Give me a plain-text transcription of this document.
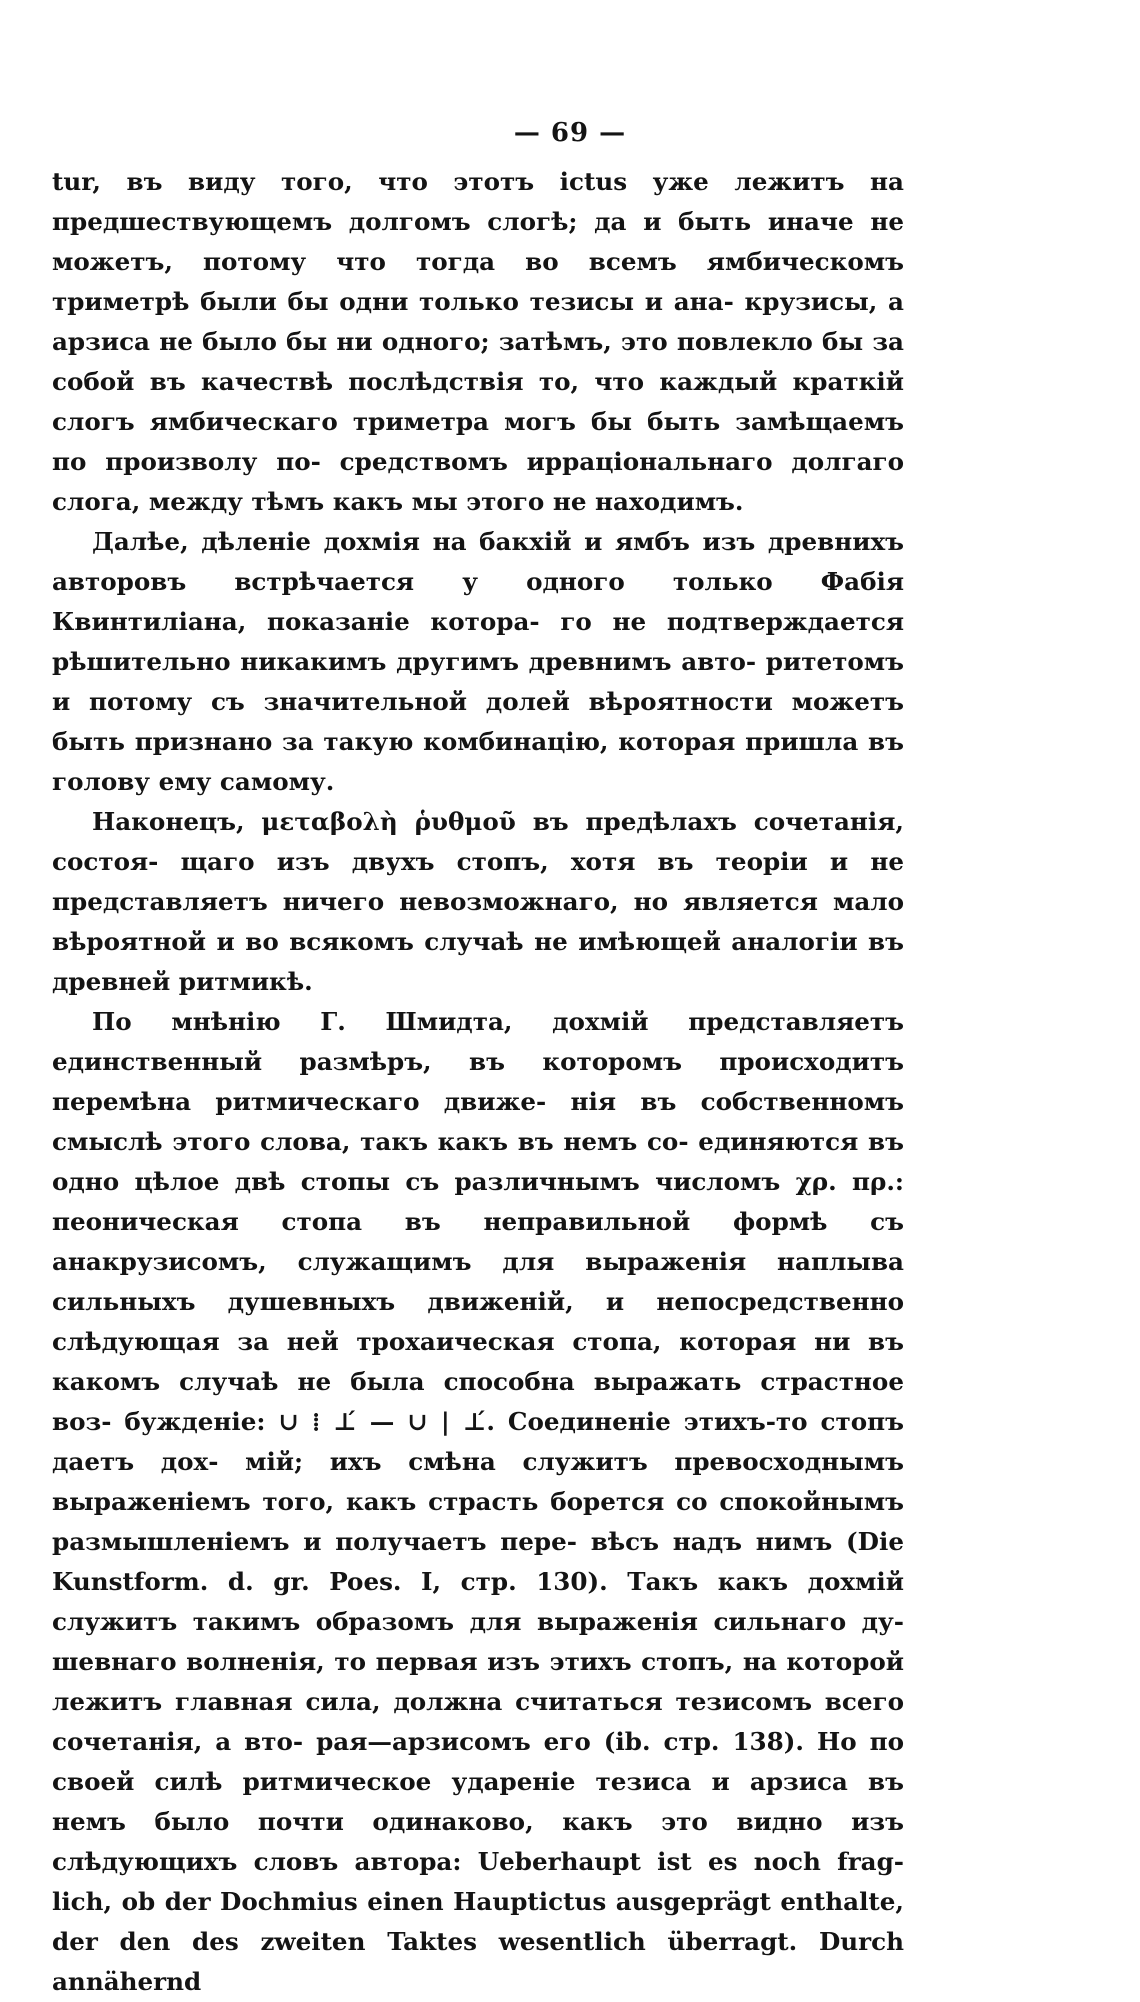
— 69 —

tur, въ виду того, что этотъ ictus уже лежитъ на предшествующемъ долгомъ слогѣ; да и быть иначе не можетъ, потому что тогда во всемъ ямбическомъ триметрѣ были бы одни только тезисы и ана- крузисы, а арзиса не было бы ни одного; затѣмъ, это повлекло бы за собой въ качествѣ послѣдствія то, что каждый краткій слогъ ямбическаго триметра могъ бы быть замѣщаемъ по произволу по- средствомъ ирраціональнаго долгаго слога, между тѣмъ какъ мы этого не находимъ.

Далѣе, дѣленіе дохмія на бакхій и ямбъ изъ древнихъ авторовъ встрѣчается у одного только Фабія Квинтиліана, показаніе котора- го не подтверждается рѣшительно никакимъ другимъ древнимъ авто- ритетомъ и потому съ значительной долей вѣроятности можетъ быть признано за такую комбинацію, которая пришла въ голову ему самому.

Наконецъ, μεταβολὴ ῥυθμοῦ въ предѣлахъ сочетанія, состоя- щаго изъ двухъ стопъ, хотя въ теоріи и не представляетъ ничего невозможнаго, но является мало вѣроятной и во всякомъ случаѣ не имѣющей аналогіи въ древней ритмикѣ.

По мнѣнію Г. Шмидта, дохмій представляетъ единственный размѣръ, въ которомъ происходитъ перемѣна ритмическаго движе- нія въ собственномъ смыслѣ этого слова, такъ какъ въ немъ со- единяются въ одно цѣлое двѣ стопы съ различнымъ числомъ χρ. πρ.: пеоническая стопа въ неправильной формѣ съ анакрузисомъ, служащимъ для выраженія наплыва сильныхъ душевныхъ движеній, и непосредственно слѣдующая за ней трохаическая стопа, которая ни въ какомъ случаѣ не была способна выражать страстное воз- бужденіе: ∪ ⁞ ⊥́ — ∪ | ⊥́. Соединеніе этихъ-то стопъ даетъ дох- мій; ихъ смѣна служитъ превосходнымъ выраженіемъ того, какъ страсть борется со спокойнымъ размышленіемъ и получаетъ пере- вѣсъ надъ нимъ (Die Kunstform. d. gr. Poes. I, стр. 130). Такъ какъ дохмій служитъ такимъ образомъ для выраженія сильнаго ду- шевнаго волненія, то первая изъ этихъ стопъ, на которой лежитъ главная сила, должна считаться тезисомъ всего сочетанія, а вто- рая—арзисомъ его (ib. стр. 138). Но по своей силѣ ритмическое удареніе тезиса и арзиса въ немъ было почти одинаково, какъ это видно изъ слѣдующихъ словъ автора: Ueberhaupt ist es noch frag- lich, ob der Dochmius einen Hauptictus ausgeprägt enthalte, der den des zweiten Taktes wesentlich überragt. Durch annähernd
